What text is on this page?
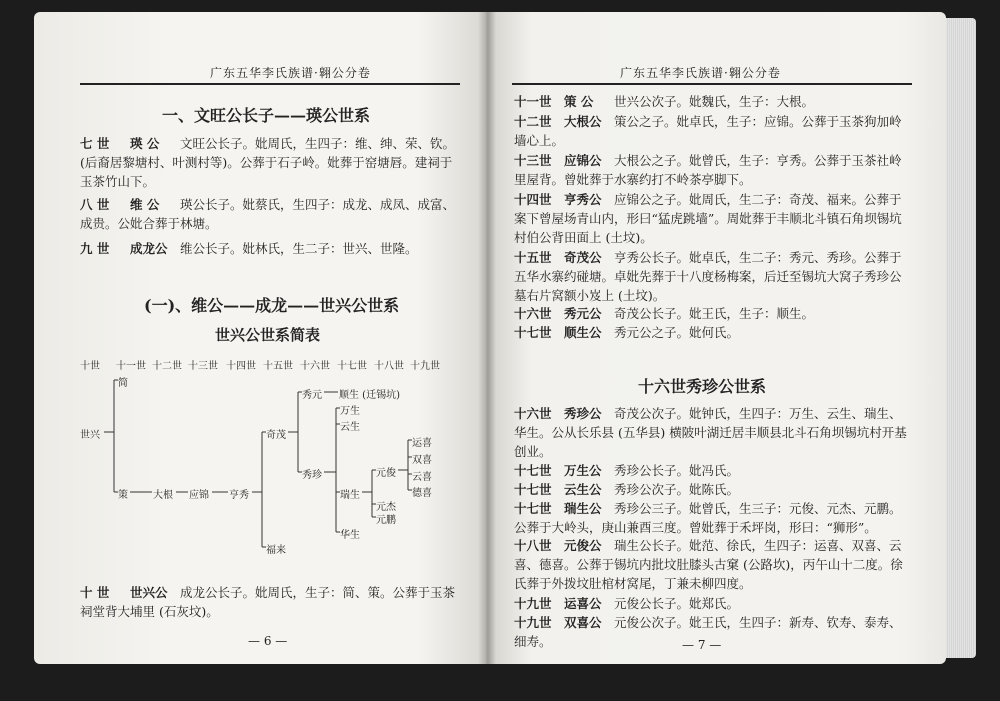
广东五华李氏族谱·翱公分卷
一、文旺公长子——瑛公世系
七 世 瑛 公	文旺公长子。妣周氏，生四子：维、绅、荣、钦。(后裔居黎塘村、叶测村等)。公葬于石子岭。妣葬于窑塘唇。建祠于玉茶竹山下。
八 世 维 公	瑛公长子。妣蔡氏，生四子：成龙、成凤、成富、成贵。公妣合葬于林塘。
九 世 成龙公 维公长子。妣林氏，生二子：世兴、世隆。
(一)、维公——成龙——世兴公世系
世兴公世系简表
十世 十一世 十二世 十三世 十四世 十五世 十六世 十七世 十八世 十九世
世兴
简
策	大根 应锦 亨秀
奇茂
福来
秀元 顺生 (迁锡坑)
秀珍
万生
云生
瑞生
华生
元俊
元杰
元鹏
运喜
双喜
云喜
德喜
十 世 世兴公 成龙公长子。妣周氏，生子：简、策。公葬于玉茶祠堂背大埔里 (石灰坟)。
— 6 —
广东五华李氏族谱·翱公分卷
十一世 策 公	世兴公次子。妣魏氏，生子：大根。
十二世 大根公 策公之子。妣卓氏，生子：应锦。公葬于玉茶狗加岭墙心上。
十三世 应锦公 大根公之子。妣曾氏，生子：亨秀。公葬于玉茶社岭里屋背。曾妣葬于水寨约打不岭茶亭脚下。
十四世 亨秀公 应锦公之子。妣周氏，生二子：奇茂、福来。公葬于案下曾屋场青山内，形曰“猛虎跳墙”。周妣葬于丰顺北斗镇石角坝锡坑村伯公背田面上 (土坟)。
十五世 奇茂公 亨秀公长子。妣卓氏，生二子：秀元、秀珍。公葬于五华水寨约碰塘。卓妣先葬于十八度杨梅案，后迁至锡坑大窝子秀珍公墓右片窝额小岌上 (土坟)。
十六世 秀元公 奇茂公长子。妣王氏，生子：顺生。
十七世 顺生公 秀元公之子。妣何氏。
十六世秀珍公世系
十六世 秀珍公 奇茂公次子。妣钟氏，生四子：万生、云生、瑞生、华生。公从长乐县 (五华县) 横陂叶湖迁居丰顺县北斗石角坝锡坑村开基创业。
十七世 万生公 秀珍公长子。妣冯氏。
十七世 云生公 秀珍公次子。妣陈氏。
十七世 瑞生公 秀珍公三子。妣曾氏，生三子：元俊、元杰、元鹏。公葬于大岭头，庚山兼酉三度。曾妣葬于禾坪岗，形曰：“狮形”。
十八世 元俊公 瑞生公长子。妣范、徐氏，生四子：运喜、双喜、云喜、德喜。公葬于锡坑内批坟肚膝头古窠 (公路坎)，丙午山十二度。徐氏葬于外拨坟肚棺材窝尾，丁兼未柳四度。
十九世 运喜公 元俊公长子。妣郑氏。
十九世 双喜公 元俊公次子。妣王氏，生四子：新寿、钦寿、泰寿、细寿。	— 7 —
